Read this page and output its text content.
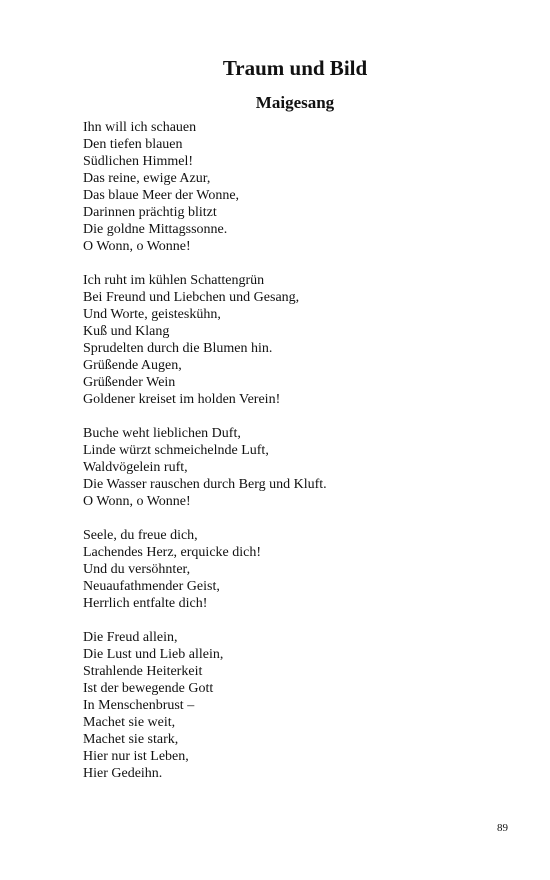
Traum und Bild
Maigesang
Ihn will ich schauen
Den tiefen blauen
Südlichen Himmel!
Das reine, ewige Azur,
Das blaue Meer der Wonne,
Darinnen prächtig blitzt
Die goldne Mittagssonne.
O Wonn, o Wonne!
Ich ruht im kühlen Schattengrün
Bei Freund und Liebchen und Gesang,
Und Worte, geisteskühn,
Kuß und Klang
Sprudelten durch die Blumen hin.
Grüßende Augen,
Grüßender Wein
Goldener kreiset im holden Verein!
Buche weht lieblichen Duft,
Linde würzt schmeichelnde Luft,
Waldvögelein ruft,
Die Wasser rauschen durch Berg und Kluft.
O Wonn, o Wonne!
Seele, du freue dich,
Lachendes Herz, erquicke dich!
Und du versöhnter,
Neuaufathmender Geist,
Herrlich entfalte dich!
Die Freud allein,
Die Lust und Lieb allein,
Strahlende Heiterkeit
Ist der bewegende Gott
In Menschenbrust –
Machet sie weit,
Machet sie stark,
Hier nur ist Leben,
Hier Gedeihn.
89
